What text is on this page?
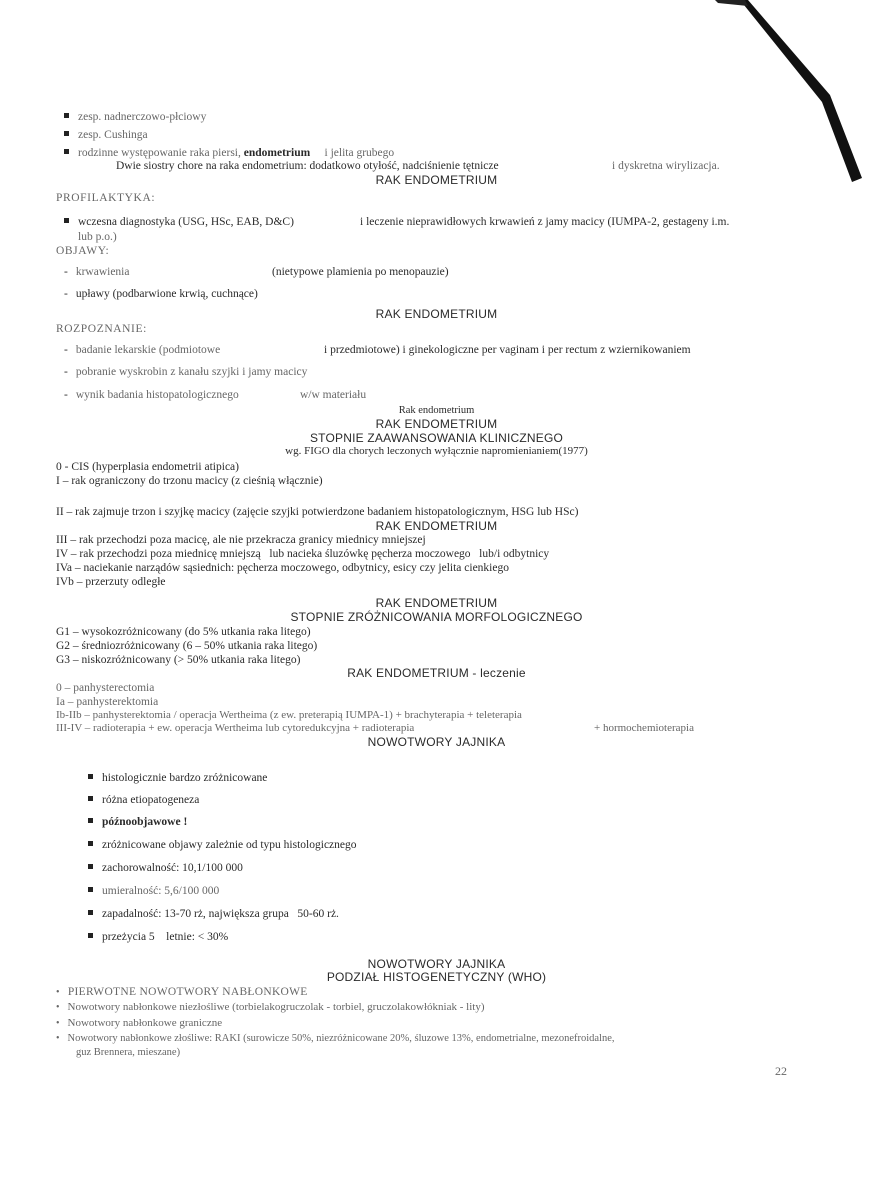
zesp. nadnerczowo-płciowy
zesp. Cushinga
rodzinne występowanie raka piersi, endometrium     i jelita grubego
Dwie siostry chore na raka endometrium: dodatkowo otyłość, nadciśnienie tętnicze	i dyskretna wirylizacja.
RAK ENDOMETRIUM
PROFILAKTYKA:
wczesna diagnostyka (USG, HSc, EAB, D&C)	i leczenie nieprawidłowych krwawień z jamy macicy (IUMPA-2, gestageny i.m.
lub p.o.)
OBJAWY:
- krwawienia	(nietypowe plamienia po menopauzie)
- upławy (podbarwione krwią, cuchnące)
RAK ENDOMETRIUM
ROZPOZNANIE:
- badanie lekarskie (podmiotowe	i przedmiotowe) i ginekologiczne per vaginam i per rectum z wziernikowaniem
- pobranie wyskrobin z kanału szyjki i jamy macicy
- wynik badania histopatologicznego	w/w materiału
Rak endometrium
RAK ENDOMETRIUM
STOPNIE ZAAWANSOWANIA KLINICZNEGO
wg. FIGO dla chorych leczonych wyłącznie napromienianiem(1977)
0 - CIS (hyperplasia endometrii atipica)
I – rak ograniczony do trzonu macicy (z cieśnią włącznie)
II – rak zajmuje trzon i szyjkę macicy (zajęcie szyjki potwierdzone badaniem histopatologicznym, HSG lub HSc)
RAK ENDOMETRIUM
III – rak przechodzi poza macicę, ale nie przekracza granicy miednicy mniejszej
IV – rak przechodzi poza miednicę mniejszą   lub nacieka śluzówkę pęcherza moczowego   lub/i odbytnicy
IVa – naciekanie narządów sąsiednich: pęcherza moczowego, odbytnicy, esicy czy jelita cienkiego
IVb – przerzuty odległe
RAK ENDOMETRIUM
STOPNIE ZRÓŻNICOWANIA MORFOLOGICZNEGO
G1 – wysokozróżnicowany (do 5% utkania raka litego)
G2 – średniozróżnicowany (6 – 50% utkania raka litego)
G3 – niskozróżnicowany (> 50% utkania raka litego)
RAK ENDOMETRIUM - leczenie
0 – panhysterectomia
Ia – panhysterektomia
Ib-IIb – panhysterektomia / operacja Wertheima (z ew. preterapią IUMPA-1) + brachyterapia + teleterapia
III-IV – radioterapia + ew. operacja Wertheima lub cytoredukcyjna + radioterapia	+ hormochemioterapia
NOWOTWORY JAJNIKA
histologicznie bardzo zróżnicowane
różna etiopatogeneza
późnoobjawowe !
zróżnicowane objawy zależnie od typu histologicznego
zachorowalność: 10,1/100 000
umieralność: 5,6/100 000
zapadalność: 13-70 rż, największa grupa   50-60 rż.
przeżycia 5    letnie: < 30%
NOWOTWORY JAJNIKA
PODZIAŁ HISTOGENETYCZNY (WHO)
• PIERWOTNE NOWOTWORY NABŁONKOWE
• Nowotwory nabłonkowe niezłośliwe (torbielakogruczolak - torbiel, gruczolakowłókniak - lity)
• Nowotwory nabłonkowe graniczne
• Nowotwory nabłonkowe złośliwe: RAKI (surowicze 50%, niezróżnicowane 20%, śluzowe 13%, endometrialne, mezonefroidalne,
guz Brennera, mieszane)
22
